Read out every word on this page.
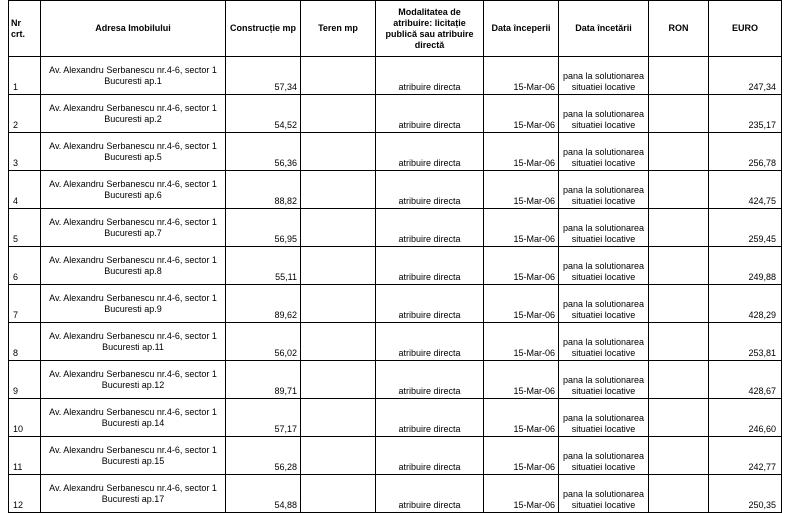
Nr crt.	Adresa Imobilului	Construcție mp	Teren mp	Modalitatea de atribuire: licitație publică sau atribuire directă	Data începerii	Data încetării	RON	EURO
1	Av. Alexandru Serbanescu nr.4-6, sector 1
Bucuresti ap.1	57,34		atribuire directa	15-Mar-06	pana la solutionarea
situatiei locative		247,34
2	Av. Alexandru Serbanescu nr.4-6, sector 1
Bucuresti ap.2	54,52		atribuire directa	15-Mar-06	pana la solutionarea
situatiei locative		235,17
3	Av. Alexandru Serbanescu nr.4-6, sector 1
Bucuresti ap.5	56,36		atribuire directa	15-Mar-06	pana la solutionarea
situatiei locative		256,78
4	Av. Alexandru Serbanescu nr.4-6, sector 1
Bucuresti ap.6	88,82		atribuire directa	15-Mar-06	pana la solutionarea
situatiei locative		424,75
5	Av. Alexandru Serbanescu nr.4-6, sector 1
Bucuresti ap.7	56,95		atribuire directa	15-Mar-06	pana la solutionarea
situatiei locative		259,45
6	Av. Alexandru Serbanescu nr.4-6, sector 1
Bucuresti ap.8	55,11		atribuire directa	15-Mar-06	pana la solutionarea
situatiei locative		249,88
7	Av. Alexandru Serbanescu nr.4-6, sector 1
Bucuresti ap.9	89,62		atribuire directa	15-Mar-06	pana la solutionarea
situatiei locative		428,29
8	Av. Alexandru Serbanescu nr.4-6, sector 1
Bucuresti ap.11	56,02		atribuire directa	15-Mar-06	pana la solutionarea
situatiei locative		253,81
9	Av. Alexandru Serbanescu nr.4-6, sector 1
Bucuresti ap.12	89,71		atribuire directa	15-Mar-06	pana la solutionarea
situatiei locative		428,67
10	Av. Alexandru Serbanescu nr.4-6, sector 1
Bucuresti ap.14	57,17		atribuire directa	15-Mar-06	pana la solutionarea
situatiei locative		246,60
11	Av. Alexandru Serbanescu nr.4-6, sector 1
Bucuresti ap.15	56,28		atribuire directa	15-Mar-06	pana la solutionarea
situatiei locative		242,77
12	Av. Alexandru Serbanescu nr.4-6, sector 1
Bucuresti ap.17	54,88		atribuire directa	15-Mar-06	pana la solutionarea
situatiei locative		250,35
